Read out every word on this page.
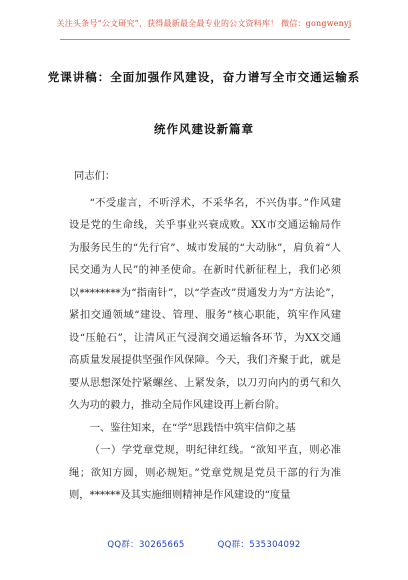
关注头条号“公文研究”，获得最新最全最专业的公文资料库！ 微信：gongwenyj
党课讲稿：全面加强作风建设，奋力谱写全市交通运输系
统作风建设新篇章

同志们：

“不受虚言，不听浮术，不采华名，不兴伪事。”作风建设是党的生命线，关乎事业兴衰成败。XX市交通运输局作为服务民生的“先行官”、城市发展的“大动脉”，肩负着“人民交通为人民”的神圣使命。在新时代新征程上，我们必须以********为“指南针”，以“学查改”贯通发力为“方法论”，紧扣交通领域“建设、管理、服务”核心职能，筑牢作风建设“压舱石”，让清风正气浸润交通运输各环节，为XX交通高质量发展提供坚强作风保障。今天，我们齐聚于此，就是要从思想深处拧紧螺丝、上紧发条，以刀刃向内的勇气和久久为功的毅力，推动全局作风建设再上新台阶。

一、鉴往知来，在“学”思践悟中筑牢信仰之基

（一）学党章党规，明纪律红线。“欲知平直，则必准绳；欲知方圆，则必规矩。”党章党规是党员干部的行为准则，******及其实施细则精神是作风建设的“度量

QQ群：30265665	QQ群：535304092
